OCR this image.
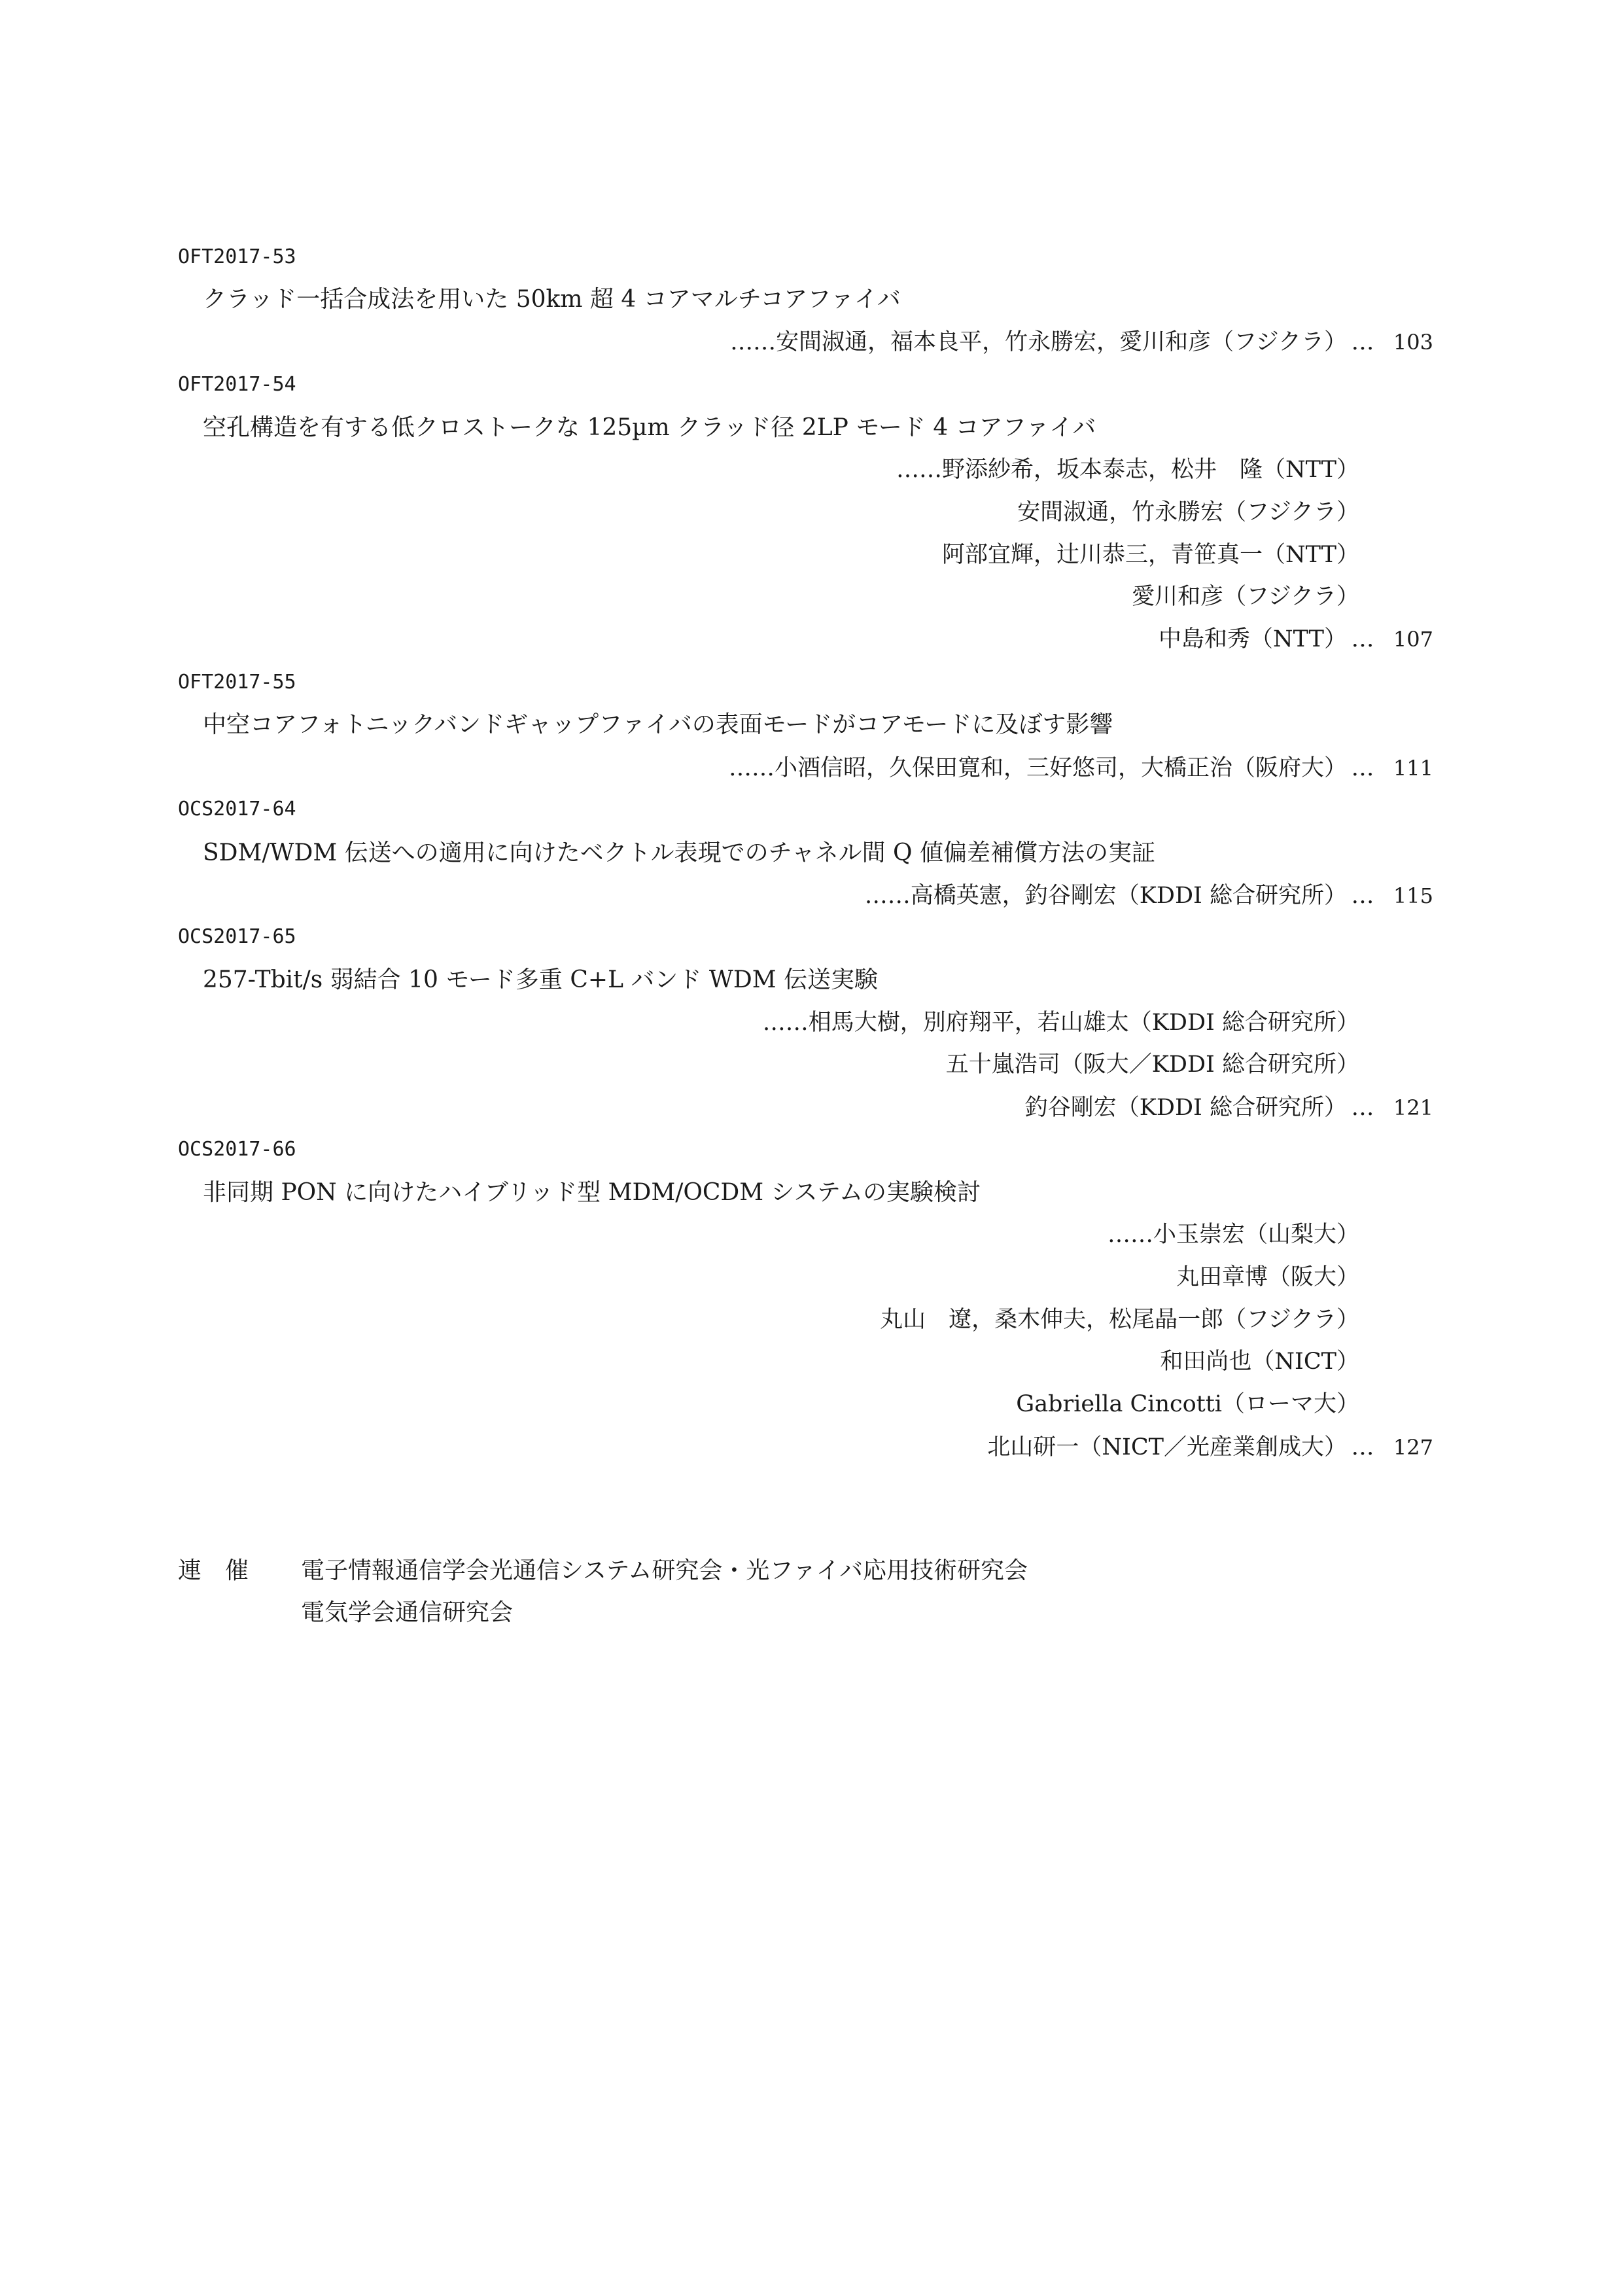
OFT2017-53
クラッド一括合成法を用いた 50km 超 4 コアマルチコアファイバ
……安間淑通，福本良平，竹永勝宏，愛川和彦（フジクラ） … 103
OFT2017-54
空孔構造を有する低クロストークな 125µm クラッド径 2LP モード 4 コアファイバ
……野添紗希，坂本泰志，松井　隆（NTT）
安間淑通，竹永勝宏（フジクラ）
阿部宜輝，辻川恭三，青笹真一（NTT）
愛川和彦（フジクラ）
中島和秀（NTT） … 107
OFT2017-55
中空コアフォトニックバンドギャップファイバの表面モードがコアモードに及ぼす影響
……小酒信昭，久保田寛和，三好悠司，大橋正治（阪府大） … 111
OCS2017-64
SDM/WDM 伝送への適用に向けたベクトル表現でのチャネル間 Q 値偏差補償方法の実証
……高橋英憲，釣谷剛宏（KDDI 総合研究所） … 115
OCS2017-65
257-Tbit/s 弱結合 10 モード多重 C+L バンド WDM 伝送実験
……相馬大樹，別府翔平，若山雄太（KDDI 総合研究所）
五十嵐浩司（阪大／KDDI 総合研究所）
釣谷剛宏（KDDI 総合研究所） … 121
OCS2017-66
非同期 PON に向けたハイブリッド型 MDM/OCDM システムの実験検討
……小玉崇宏（山梨大）
丸田章博（阪大）
丸山　遼，桑木伸夫，松尾晶一郎（フジクラ）
和田尚也（NICT）
Gabriella Cincotti（ローマ大）
北山研一（NICT／光産業創成大） … 127
連催 電子情報通信学会光通信システム研究会・光ファイバ応用技術研究会
電気学会通信研究会
